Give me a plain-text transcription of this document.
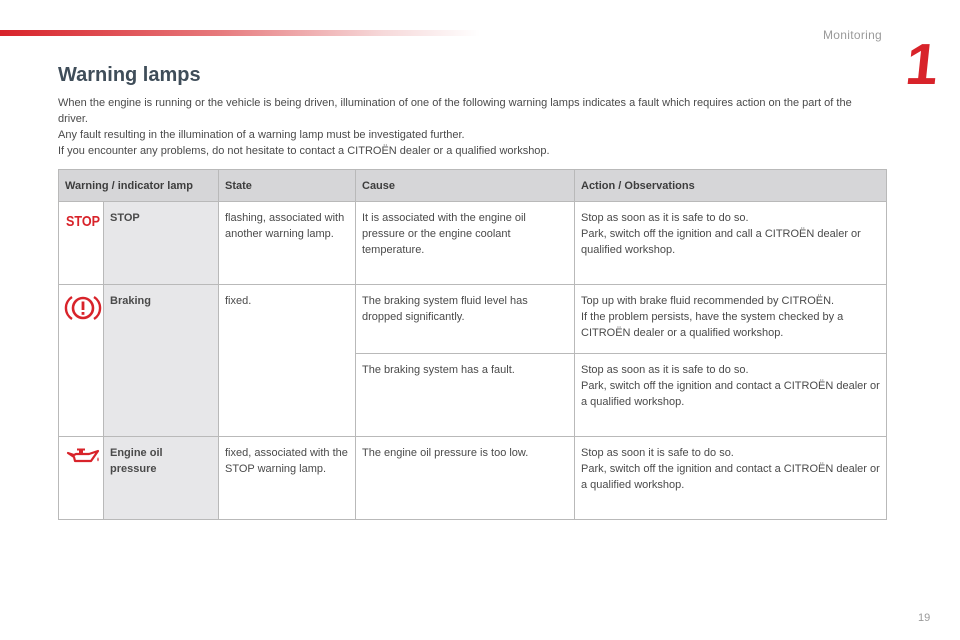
Monitoring 1
Warning lamps

When the engine is running or the vehicle is being driven, illumination of one of the following warning lamps indicates a fault which requires action on the part of the driver.

Any fault resulting in the illumination of a warning lamp must be investigated further.

If you encounter any problems, do not hesitate to contact a CITROËN dealer or a qualified workshop.

Warning / indicator lamp		State	Cause	Action / Observations

STOP	STOP	flashing, associated with another warning lamp.	It is associated with the engine oil pressure or the engine coolant temperature.	Stop as soon as it is safe to do so.
Park, switch off the ignition and call a CITROËN dealer or qualified workshop.

	Braking	fixed.	The braking system fluid level has dropped significantly.	Top up with brake fluid recommended by CITROËN.
If the problem persists, have the system checked by a CITROËN dealer or a qualified workshop.

			The braking system has a fault.	Stop as soon as it is safe to do so.
Park, switch off the ignition and contact a CITROËN dealer or a qualified workshop.

	Engine oil pressure	fixed, associated with the STOP warning lamp.	The engine oil pressure is too low.	Stop as soon it is safe to do so.
Park, switch off the ignition and contact a CITROËN dealer or a qualified workshop.
19
